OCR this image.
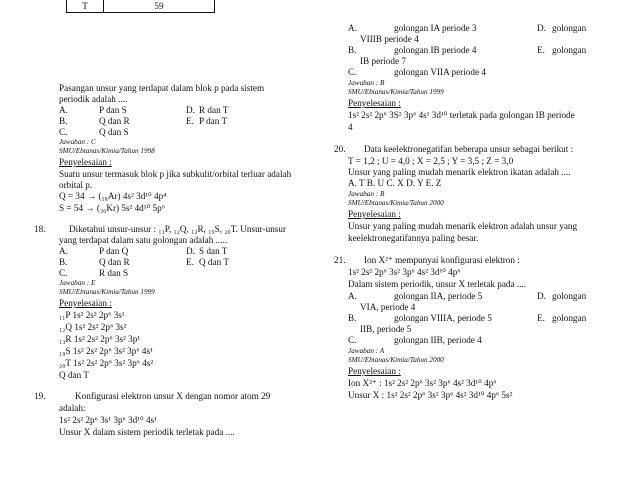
T	59
Pasangan unsur yang terdapat dalam blok p pada sistem
periodik adalah ....
A.	P dan S	D. R dan T
B.	Q dan R	E. P dan T
C.	Q dan S
Jawaban : C
SMU/Ebtanas/Kimia/Tahun 1998
Penyelesaian :
Suatu unsur termasuk blok p jika subkulit/orbital terluar adalah
orbital p.
Q = 34 → (₁₈Ar) 4s² 3d¹⁰ 4p⁴
S = 54 → (₃₆Kr) 5s² 4d¹⁰ 5p⁶
18.	Diketahui unsur-unsur : ₁₁P, ₁₂Q, ₁₃R, ₁₉S, ₂₀T. Unsur-unsur
yang terdapat dalam satu golongan adalah .....
A.	P dan Q	D. S dan T
B.	Q dan R	E. Q dan T
C.	R dan S
Jawaban : E
SMU/Ebtanas/Kimia/Tahun 1999
Penyelesaian :
₁₁P 1s² 2s² 2p⁶ 3s¹
₁₂Q 1s² 2s² 2p⁶ 3s²
₁₃R 1s² 2s² 2p⁶ 3s² 3p¹
₁₉S 1s² 2s² 2p⁶ 3s² 3p⁶ 4s¹
₂₀T 1s² 2s² 2p⁶ 3s² 3p⁶ 4s²
Q dan T
19.	Konfigurasi elektron unsur X dengan nomor atom 29
adalah:
1s² 2s² 2p⁶ 3s¹ 3p⁶ 3d¹⁰ 4s¹
Unsur X dalam sistem periodik terletak pada ....
A.	golongan IA periode 3	D. golongan
VIIIB periode 4
B.	golongan IB periode 4	E. golongan
IB periode 7
C.	golongan VIIA periode 4
Jawaban : B
SMU/Ebtanas/Kimia/Tahun 1999
Penyelesaian :
1s² 2s² 2p⁶ 3S² 3p⁶ 4s¹ 3d¹⁰ terletak pada golongan IB periode
4
20. Data keelektronegatifan beberapa unsur sebagai berikut :
T = 1,2 ; U = 4,0 ; X = 2,5 ; Y = 3,5 ; Z = 3,0
Unsur yang paling mudah menarik elektron ikatan adalah ....
A. T B. U C. X D. Y E. Z
Jawaban : B
SMU/Ebtanas/Kimia/Tahun 2000
Penyelesaian :
Unsur yang paling mudah menarik elektron adalah unsur yang
keelektronegatifannya paling besar.
21. Ion X²⁺ mempunyai konfigurasi elektron :
1s² 2s² 2p⁶ 3s² 3p⁶ 4s² 3d¹⁰ 4p⁶
Dalam sistem periodik, unsur X terletak pada ....
A.	golongan IIA, periode 5	D. golongan
VIA, periode 4
B.	golongan VIIIA, periode 5	E. golongan
IIB, periode 5
C.	golongan IIB, periode 4
Jawaban : A
SMU/Ebtanas/Kimia/Tahun 2000
Penyelesaian :
Ion X²⁺ : 1s² 2s² 2p⁶ 3s² 3p⁶ 4s² 3d¹⁰ 4p⁶
Unsur X : 1s² 2s² 2p⁶ 3s² 3p⁶ 4s² 3d¹⁰ 4p⁶ 5s²
